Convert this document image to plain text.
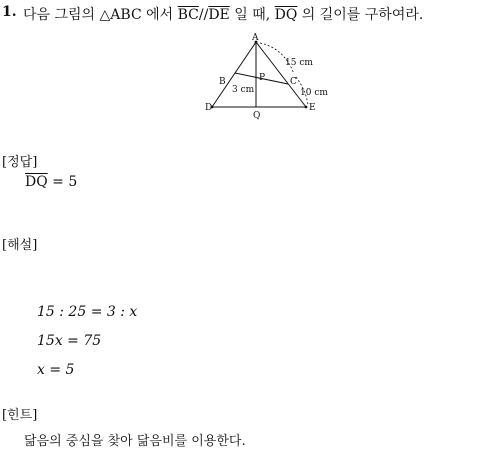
1. 다음 그림의 △ABC 에서 $\overline{BC}//\overline{DE}$ 일 때, $\overline{DQ}$ 의 길이를 구하여라.
A
B	C
D	E
P
Q
15 cm
10 cm
3 cm
[정답]
$\overline{DQ} = 5$
[해설]
15 : 25 = 3 : x
15x = 75
x = 5
[힌트]
닮음의 중심을 찾아 닮음비를 이용한다.
